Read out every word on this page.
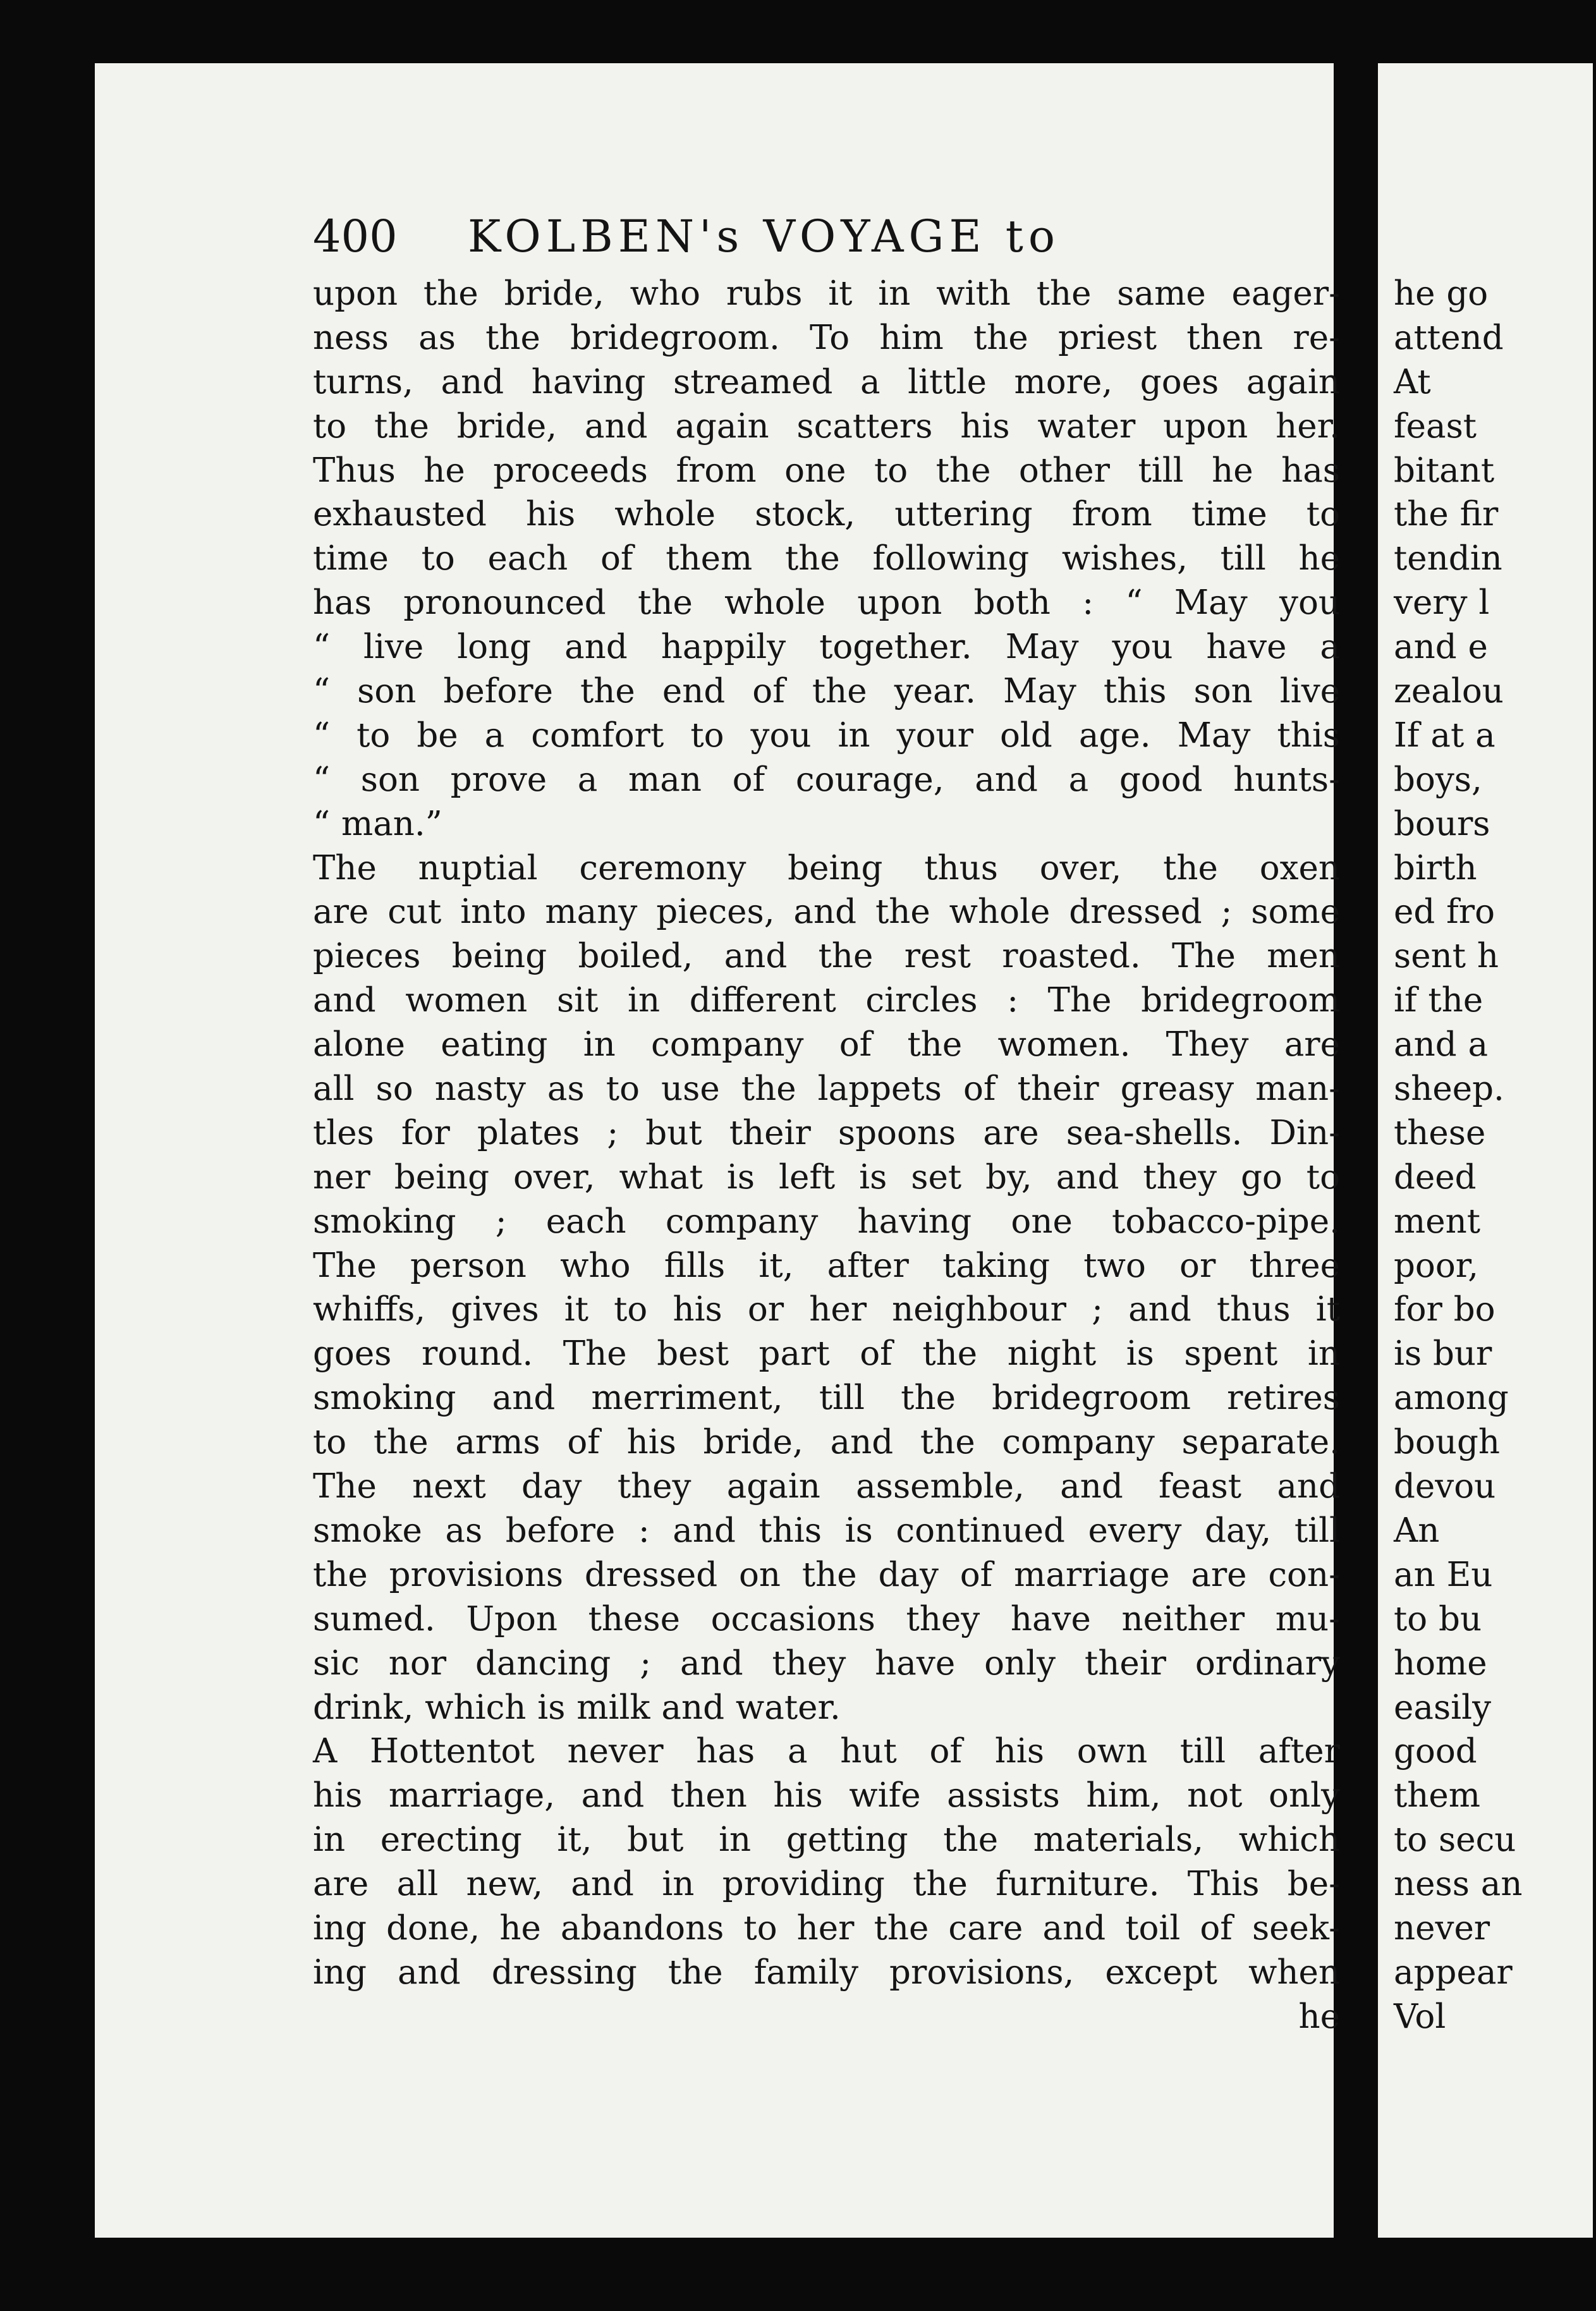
400 KOLBEN's VOYAGE to
upon the bride, who rubs it in with the same eager-
ness as the bridegroom. To him the priest then re-
turns, and having streamed a little more, goes again
to the bride, and again scatters his water upon her.
Thus he proceeds from one to the other till he has
exhausted his whole stock, uttering from time to
time to each of them the following wishes, till he
has pronounced the whole upon both : “ May you
“ live long and happily together. May you have a
“ son before the end of the year. May this son live
“ to be a comfort to you in your old age. May this
“ son prove a man of courage, and a good hunts-
“ man.”
The nuptial ceremony being thus over, the oxen
are cut into many pieces, and the whole dressed ; some
pieces being boiled, and the rest roasted. The men
and women sit in different circles : The bridegroom
alone eating in company of the women. They are
all so nasty as to use the lappets of their greasy man-
tles for plates ; but their spoons are sea-shells. Din-
ner being over, what is left is set by, and they go to
smoking ; each company having one tobacco-pipe.
The person who fills it, after taking two or three
whiffs, gives it to his or her neighbour ; and thus it
goes round. The best part of the night is spent in
smoking and merriment, till the bridegroom retires
to the arms of his bride, and the company separate.
The next day they again assemble, and feast and
smoke as before : and this is continued every day, till
the provisions dressed on the day of marriage are con-
sumed. Upon these occasions they have neither mu-
sic nor dancing ; and they have only their ordinary
drink, which is milk and water.
A Hottentot never has a hut of his own till after
his marriage, and then his wife assists him, not only
in erecting it, but in getting the materials, which
are all new, and in providing the furniture. This be-
ing done, he abandons to her the care and toil of seek-
ing and dressing the family provisions, except when
he
he go
attend
At
feast
bitant
the fir
tendin
very l
and e
zealou
If at a
boys,
bours
birth
ed fro
sent h
if the
and a
sheep.
these
deed
ment
poor,
for bo
is bur
among
bough
devou
An
an Eu
to bu
home
easily
good
them
to secu
ness an
never
appear
Vol
